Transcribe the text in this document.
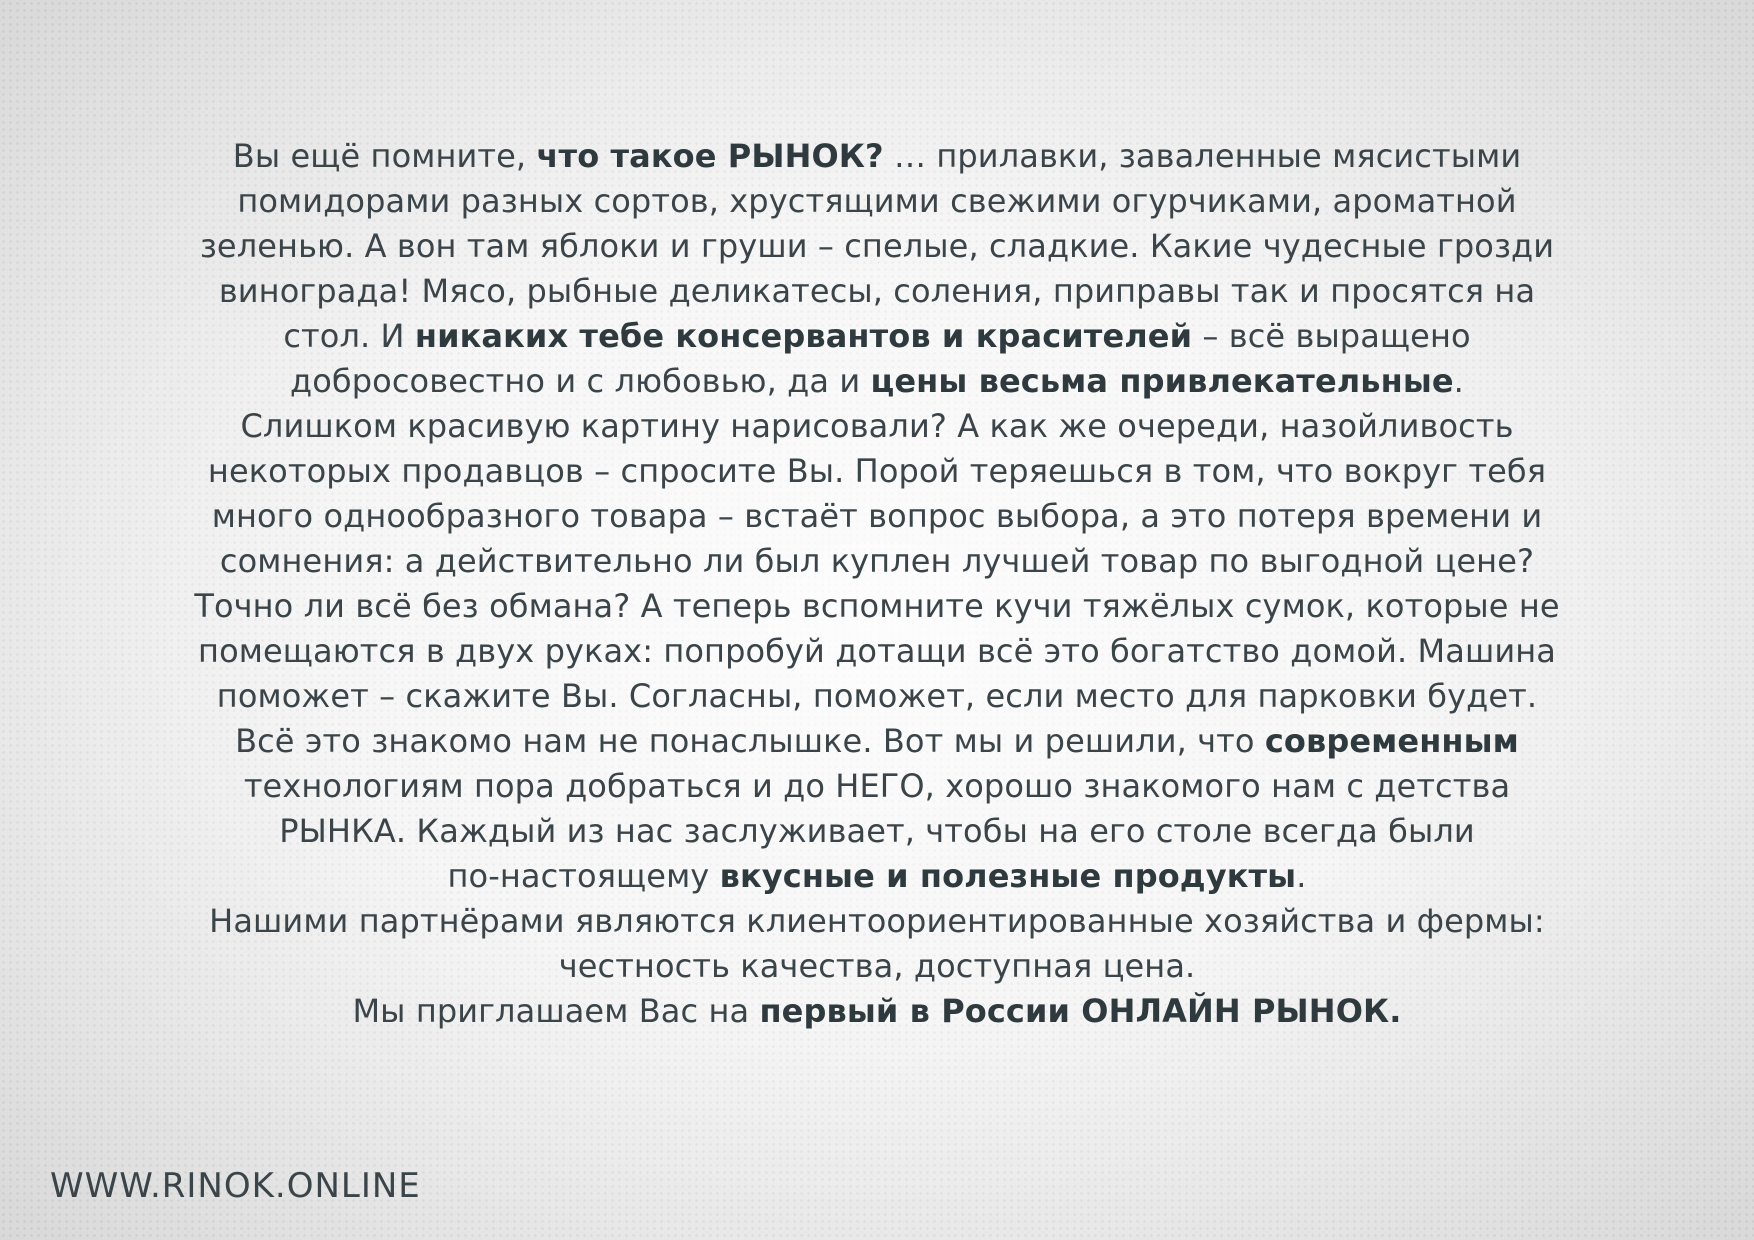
Вы ещё помните, что такое РЫНОК? … прилавки, заваленные мясистыми
помидорами разных сортов, хрустящими свежими огурчиками, ароматной
зеленью. А вон там яблоки и груши – спелые, сладкие. Какие чудесные грозди
винограда! Мясо, рыбные деликатесы, соления, приправы так и просятся на
стол. И никаких тебе консервантов и красителей – всё выращено
добросовестно и с любовью, да и цены весьма привлекательные.
Слишком красивую картину нарисовали? А как же очереди, назойливость
некоторых продавцов – спросите Вы. Порой теряешься в том, что вокруг тебя
много однообразного товара – встаёт вопрос выбора, а это потеря времени и
сомнения: а действительно ли был куплен лучшей товар по выгодной цене?
Точно ли всё без обмана? А теперь вспомните кучи тяжёлых сумок, которые не
помещаются в двух руках: попробуй дотащи всё это богатство домой. Машина
поможет – скажите Вы. Согласны, поможет, если место для парковки будет.
Всё это знакомо нам не понаслышке. Вот мы и решили, что современным
технологиям пора добраться и до НЕГО, хорошо знакомого нам с детства
РЫНКА. Каждый из нас заслуживает, чтобы на его столе всегда были
по-настоящему вкусные и полезные продукты.
Нашими партнёрами являются клиентоориентированные хозяйства и фермы:
честность качества, доступная цена.
Мы приглашаем Вас на первый в России ОНЛАЙН РЫНОК.
WWW.RINOK.ONLINE
